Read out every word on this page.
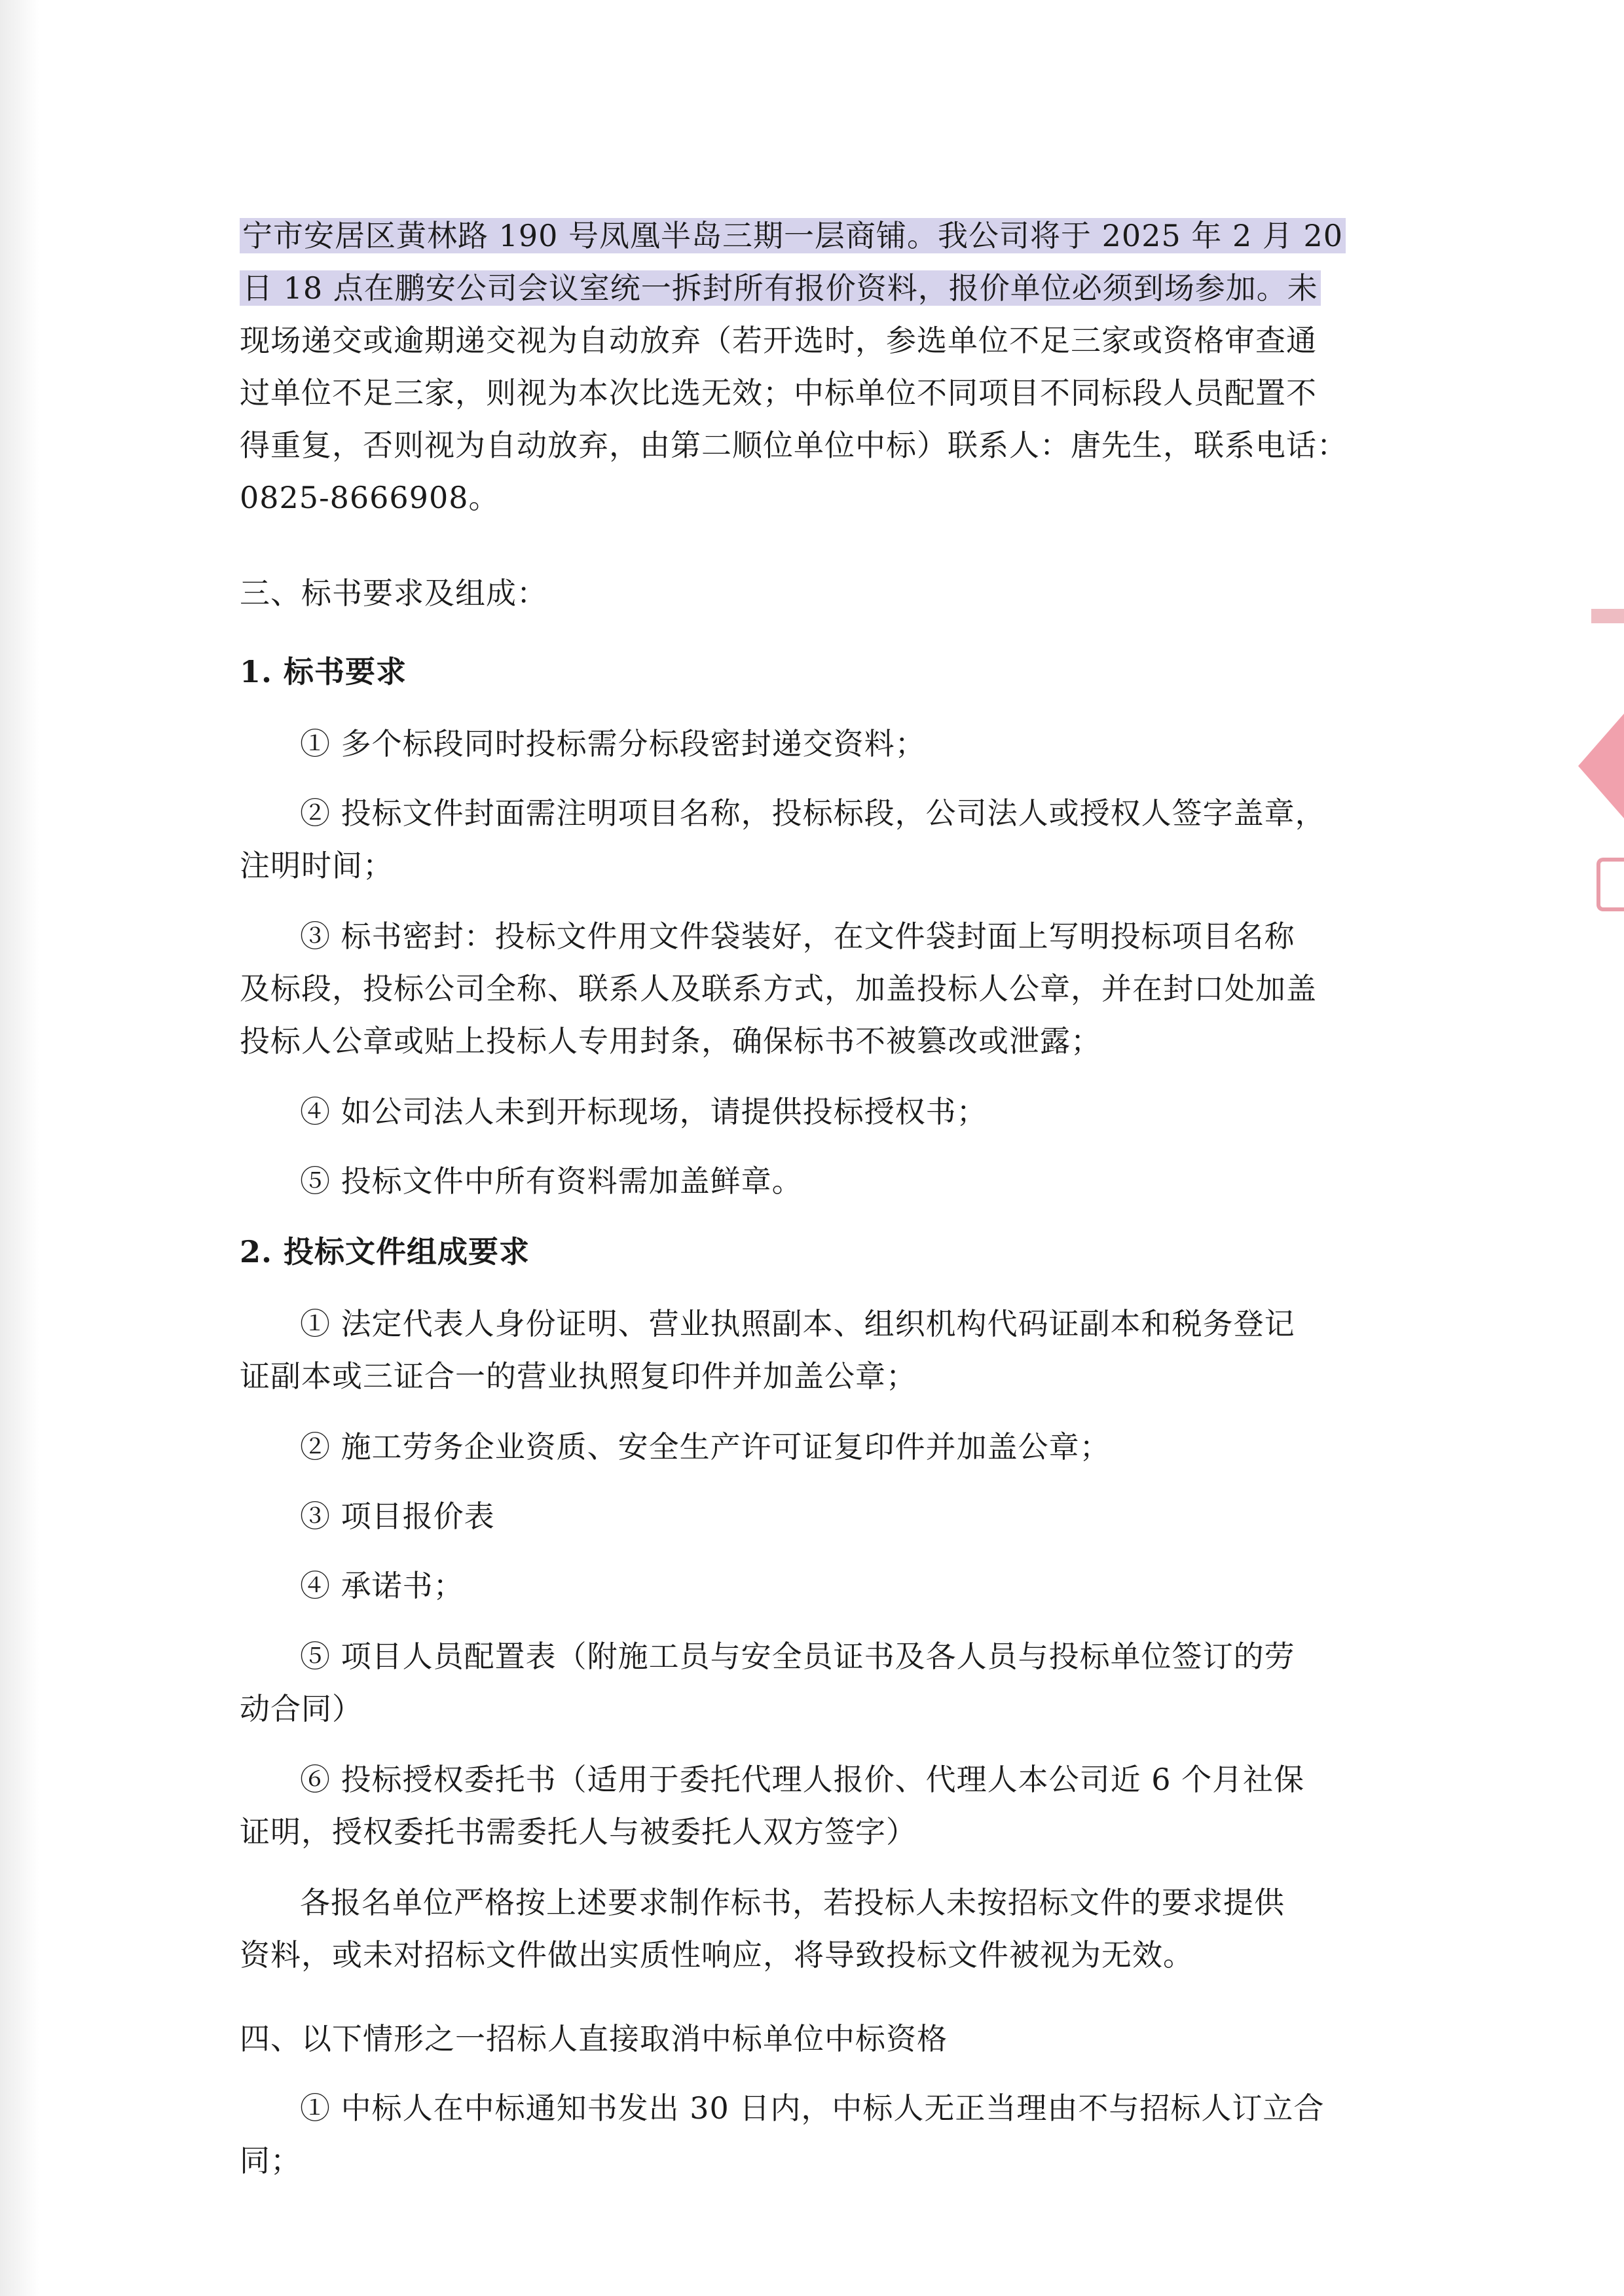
宁市安居区黄林路 190 号凤凰半岛三期一层商铺。我公司将于 2025 年 2 月 20
日 18 点在鹏安公司会议室统一拆封所有报价资料，报价单位必须到场参加。未
现场递交或逾期递交视为自动放弃（若开选时，参选单位不足三家或资格审查通
过单位不足三家，则视为本次比选无效；中标单位不同项目不同标段人员配置不
得重复，否则视为自动放弃，由第二顺位单位中标）联系人：唐先生，联系电话：
0825-8666908。
三、标书要求及组成：
1. 标书要求
① 多个标段同时投标需分标段密封递交资料；
② 投标文件封面需注明项目名称，投标标段，公司法人或授权人签字盖章，
注明时间；
③ 标书密封：投标文件用文件袋装好，在文件袋封面上写明投标项目名称
及标段，投标公司全称、联系人及联系方式，加盖投标人公章，并在封口处加盖
投标人公章或贴上投标人专用封条，确保标书不被篡改或泄露；
④ 如公司法人未到开标现场，请提供投标授权书；
⑤ 投标文件中所有资料需加盖鲜章。
2. 投标文件组成要求
① 法定代表人身份证明、营业执照副本、组织机构代码证副本和税务登记
证副本或三证合一的营业执照复印件并加盖公章；
② 施工劳务企业资质、安全生产许可证复印件并加盖公章；
③ 项目报价表
④ 承诺书；
⑤ 项目人员配置表（附施工员与安全员证书及各人员与投标单位签订的劳
动合同）
⑥ 投标授权委托书（适用于委托代理人报价、代理人本公司近 6 个月社保
证明，授权委托书需委托人与被委托人双方签字）
各报名单位严格按上述要求制作标书，若投标人未按招标文件的要求提供
资料，或未对招标文件做出实质性响应，将导致投标文件被视为无效。
四、以下情形之一招标人直接取消中标单位中标资格
① 中标人在中标通知书发出 30 日内，中标人无正当理由不与招标人订立合
同；
